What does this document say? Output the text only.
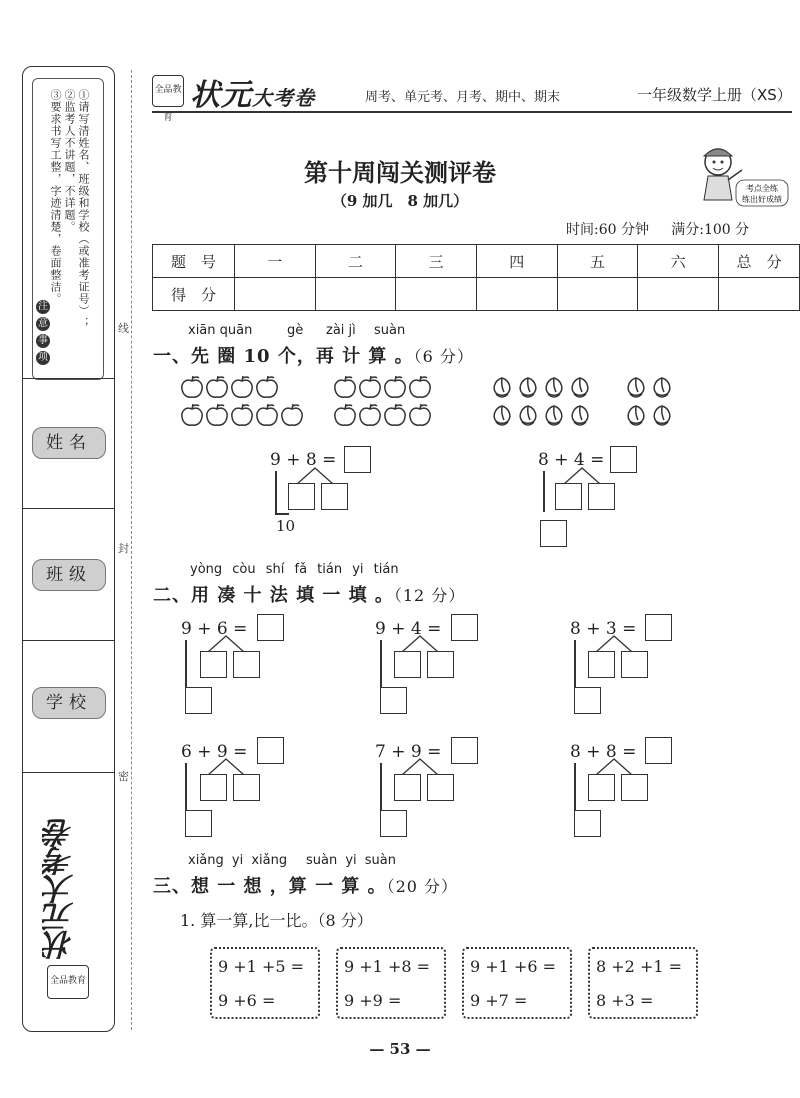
①请写清姓名、班级和学校（或准考证号）；
②监考人不讲题，不详题。
③要求书写工整，字迹清楚，卷面整洁。
注
意
事
项
姓名
班级
学校
状元大考卷
全品教育
线
封
密
全品教育
状元大考卷	周考、单元考、月考、期中、期末	一年级数学上册（XS）
第十周闯关测评卷
（9 加几　8 加几）
时间:60 分钟 满分:100 分
考点全练
练出好成绩
题　号	一	二	三	四	五	六	总　分
得　分							
xiān quān	gè zài jì suàn
一、先 圈 10 个，再 计 算 。（6 分）
9 + 8 =
10
8 + 4 =
yòng còu shí fǎ tián yi tián
二、用 凑 十 法 填 一 填 。（12 分）
9 + 6 =	9 + 4 =	8 + 3 =
6 + 9 =	7 + 9 =	8 + 8 =
xiǎng yi xiǎng suàn yi suàn
三、想 一 想 ，算 一 算 。（20 分）
1. 算一算,比一比。（8 分）
9 +1 +5 =
9 +6 =
9 +1 +8 =
9 +9 =
9 +1 +6 =
9 +7 =
8 +2 +1 =
8 +3 =
— 53 —
